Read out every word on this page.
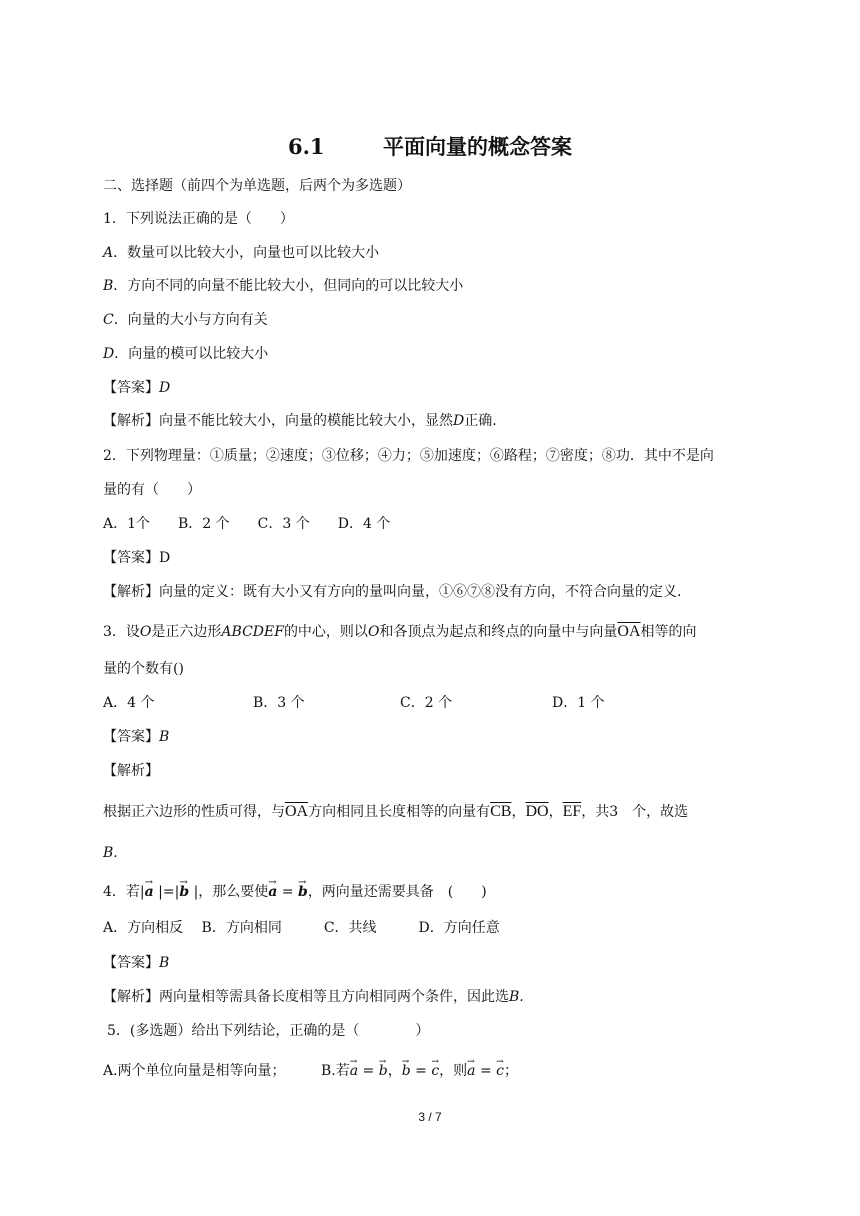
6.1	平面向量的概念答案
二、选择题（前四个为单选题，后两个为多选题）
1．下列说法正确的是（　　）
A．数量可以比较大小，向量也可以比较大小
B．方向不同的向量不能比较大小，但同向的可以比较大小
C．向量的大小与方向有关
D．向量的模可以比较大小
【答案】D
【解析】向量不能比较大小，向量的模能比较大小，显然D正确.
2．下列物理量：①质量；②速度；③位移；④力；⑤加速度；⑥路程；⑦密度；⑧功．其中不是向
量的有（　　）
A．1个　　B．2 个　　C．3 个　　D．4 个
【答案】D
【解析】向量的定义：既有大小又有方向的量叫向量，①⑥⑦⑧没有方向，不符合向量的定义.
3．设O是正六边形ABCDEF的中心，则以O和各顶点为起点和终点的向量中与向量$\overline{OA}$相等的向
量的个数有()
A．4 个	B．3 个	C．2 个	D．1 个
【答案】B
【解析】
根据正六边形的性质可得，与$\overline{OA}$方向相同且长度相等的向量有$\overline{CB}$，$\overline{DO}$，$\overline{EF}$，共3　个，故选
B.
4．若|a → |=|b → |，那么要使a → = b →，两向量还需要具备　(　　)
A．方向相反　 B．方向相同　　　C．共线　　　D．方向任意
【答案】B
【解析】两向量相等需具备长度相等且方向相同两个条件，因此选B.
5．(多选题）给出下列结论，正确的是（　　　　）
A.两个单位向量是相等向量；	B.若a → = b →，b → = c →，则a → = c →；
3 / 7
